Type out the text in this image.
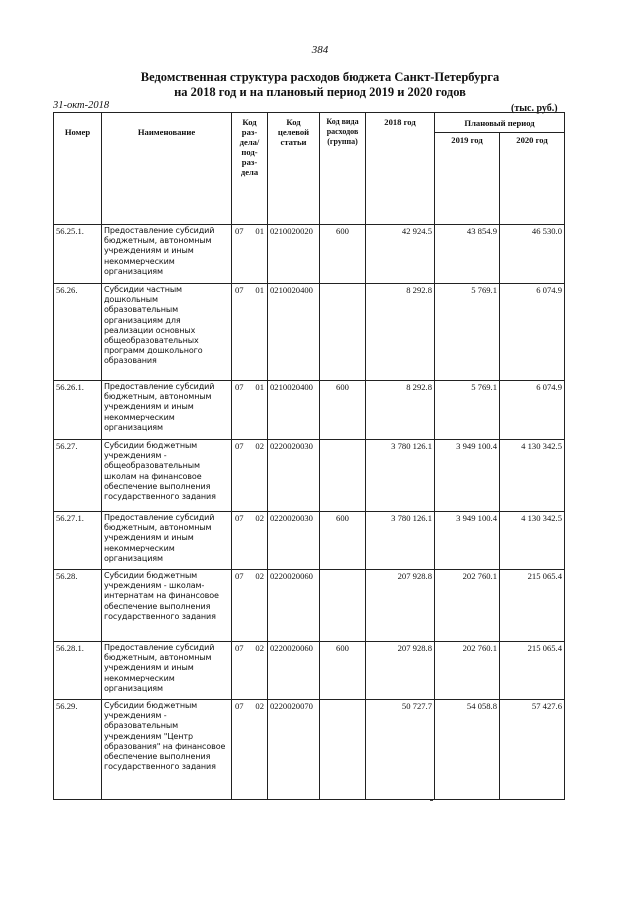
384
Ведомственная структура расходов бюджета Санкт-Петербурга
на 2018 год и на плановый период 2019 и 2020 годов
31-окт-2018	(тыс. руб.)
Номер	Наименование	Код раз- дела/ под- раз- дела	Код целевой статьи	Код вида расходов (группа)	2018 год	Плановый период	
						2019 год	2020 год
56.25.1.	Предоставление субсидий бюджетным, автономным учреждениям и иным некоммерческим организациям	07 01	0210020020	600	42 924.5	43 854.9	46 530.0
56.26.	Субсидии частным дошкольным образовательным организациям для реализации основных общеобразовательных программ дошкольного образования	07 01	0210020400		8 292.8	5 769.1	6 074.9
56.26.1.	Предоставление субсидий бюджетным, автономным учреждениям и иным некоммерческим организациям	07 01	0210020400	600	8 292.8	5 769.1	6 074.9
56.27.	Субсидии бюджетным учреждениям - общеобразовательным школам на финансовое обеспечение выполнения государственного задания	07 02	0220020030		3 780 126.1	3 949 100.4	4 130 342.5
56.27.1.	Предоставление субсидий бюджетным, автономным учреждениям и иным некоммерческим организациям	07 02	0220020030	600	3 780 126.1	3 949 100.4	4 130 342.5
56.28.	Субсидии бюджетным учреждениям - школам-интернатам на финансовое обеспечение выполнения государственного задания	07 02	0220020060		207 928.8	202 760.1	215 065.4
56.28.1.	Предоставление субсидий бюджетным, автономным учреждениям и иным некоммерческим организациям	07 02	0220020060	600	207 928.8	202 760.1	215 065.4
56.29.	Субсидии бюджетным учреждениям - образовательным учреждениям "Центр образования" на финансовое обеспечение выполнения государственного задания	07 02	0220020070		50 727.7	54 058.8	57 427.6
